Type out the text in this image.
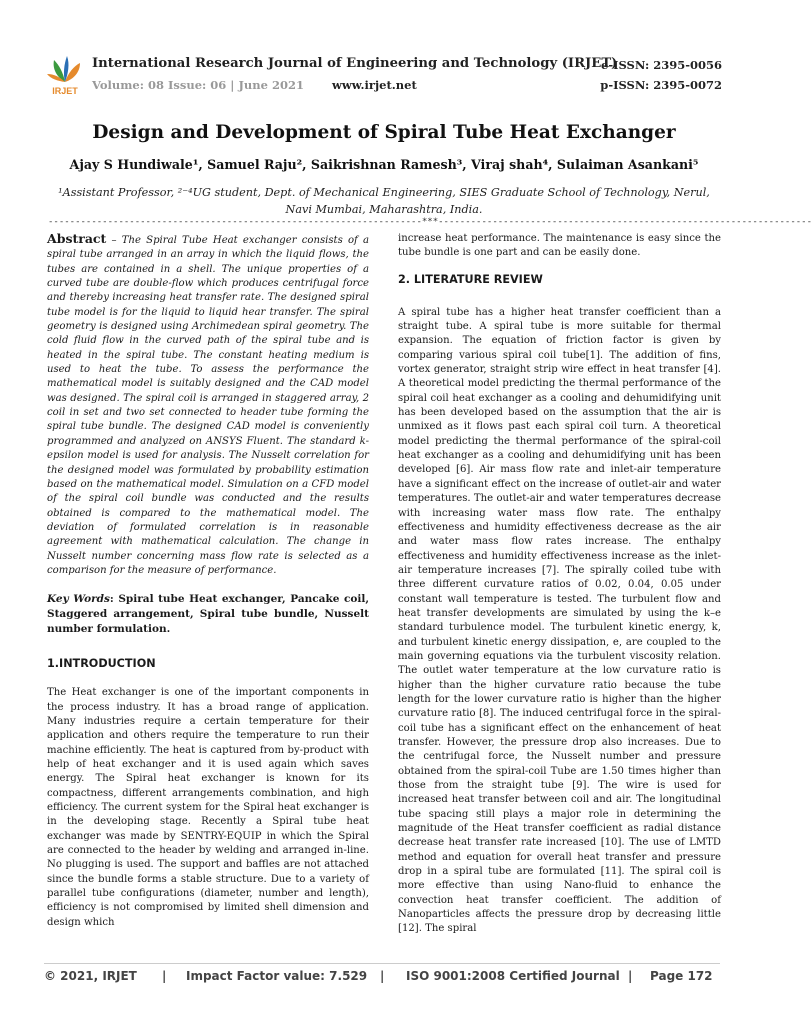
IRJET
International Research Journal of Engineering and Technology (IRJET)
Volume: 08 Issue: 06 | June 2021 www.irjet.net
e-ISSN: 2395-0056
p-ISSN: 2395-0072
Design and Development of Spiral Tube Heat Exchanger
Ajay S Hundiwale¹, Samuel Raju², Saikrishnan Ramesh³, Viraj shah⁴, Sulaiman Asankani⁵
¹Assistant Professor, ²⁻⁴UG student, Dept. of Mechanical Engineering, SIES Graduate School of Technology, Nerul, Navi Mumbai, Maharashtra, India.
---------------------------------------------------------------------***---------------------------------------------------------------------

Abstract – The Spiral Tube Heat exchanger consists of a spiral tube arranged in an array in which the liquid flows, the tubes are contained in a shell. The unique properties of a curved tube are double-flow which produces centrifugal force and thereby increasing heat transfer rate. The designed spiral tube model is for the liquid to liquid hear transfer. The spiral geometry is designed using Archimedean spiral geometry. The cold fluid flow in the curved path of the spiral tube and is heated in the spiral tube. The constant heating medium is used to heat the tube. To assess the performance the mathematical model is suitably designed and the CAD model was designed. The spiral coil is arranged in staggered array, 2 coil in set and two set connected to header tube forming the spiral tube bundle. The designed CAD model is conveniently programmed and analyzed on ANSYS Fluent. The standard k-epsilon model is used for analysis. The Nusselt correlation for the designed model was formulated by probability estimation based on the mathematical model. Simulation on a CFD model of the spiral coil bundle was conducted and the results obtained is compared to the mathematical model. The deviation of formulated correlation is in reasonable agreement with mathematical calculation. The change in Nusselt number concerning mass flow rate is selected as a comparison for the measure of performance.

Key Words: Spiral tube Heat exchanger, Pancake coil, Staggered arrangement, Spiral tube bundle, Nusselt number formulation.

1.INTRODUCTION

The Heat exchanger is one of the important components in the process industry. It has a broad range of application. Many industries require a certain temperature for their application and others require the temperature to run their machine efficiently. The heat is captured from by-product with help of heat exchanger and it is used again which saves energy. The Spiral heat exchanger is known for its compactness, different arrangements combination, and high efficiency. The current system for the Spiral heat exchanger is in the developing stage. Recently a Spiral tube heat exchanger was made by SENTRY-EQUIP in which the Spiral are connected to the header by welding and arranged in-line. No plugging is used. The support and baffles are not attached since the bundle forms a stable structure. Due to a variety of parallel tube configurations (diameter, number and length), efficiency is not compromised by limited shell dimension and design which

increase heat performance. The maintenance is easy since the tube bundle is one part and can be easily done.

2. LITERATURE REVIEW

A spiral tube has a higher heat transfer coefficient than a straight tube. A spiral tube is more suitable for thermal expansion. The equation of friction factor is given by comparing various spiral coil tube[1]. The addition of fins, vortex generator, straight strip wire effect in heat transfer [4]. A theoretical model predicting the thermal performance of the spiral coil heat exchanger as a cooling and dehumidifying unit has been developed based on the assumption that the air is unmixed as it flows past each spiral coil turn. A theoretical model predicting the thermal performance of the spiral-coil heat exchanger as a cooling and dehumidifying unit has been developed [6]. Air mass flow rate and inlet-air temperature have a significant effect on the increase of outlet-air and water temperatures. The outlet-air and water temperatures decrease with increasing water mass flow rate. The enthalpy effectiveness and humidity effectiveness decrease as the air and water mass flow rates increase. The enthalpy effectiveness and humidity effectiveness increase as the inlet-air temperature increases [7]. The spirally coiled tube with three different curvature ratios of 0.02, 0.04, 0.05 under constant wall temperature is tested. The turbulent flow and heat transfer developments are simulated by using the k–e standard turbulence model. The turbulent kinetic energy, k, and turbulent kinetic energy dissipation, e, are coupled to the main governing equations via the turbulent viscosity relation. The outlet water temperature at the low curvature ratio is higher than the higher curvature ratio because the tube length for the lower curvature ratio is higher than the higher curvature ratio [8]. The induced centrifugal force in the spiral-coil tube has a significant effect on the enhancement of heat transfer. However, the pressure drop also increases. Due to the centrifugal force, the Nusselt number and pressure obtained from the spiral-coil Tube are 1.50 times higher than those from the straight tube [9]. The wire is used for increased heat transfer between coil and air. The longitudinal tube spacing still plays a major role in determining the magnitude of the Heat transfer coefficient as radial distance decrease heat transfer rate increased [10]. The use of LMTD method and equation for overall heat transfer and pressure drop in a spiral tube are formulated [11]. The spiral coil is more effective than using Nano-fluid to enhance the convection heat transfer coefficient. The addition of Nanoparticles affects the pressure drop by decreasing little [12]. The spiral

© 2021, IRJET | Impact Factor value: 7.529 | ISO 9001:2008 Certified Journal | Page 172
